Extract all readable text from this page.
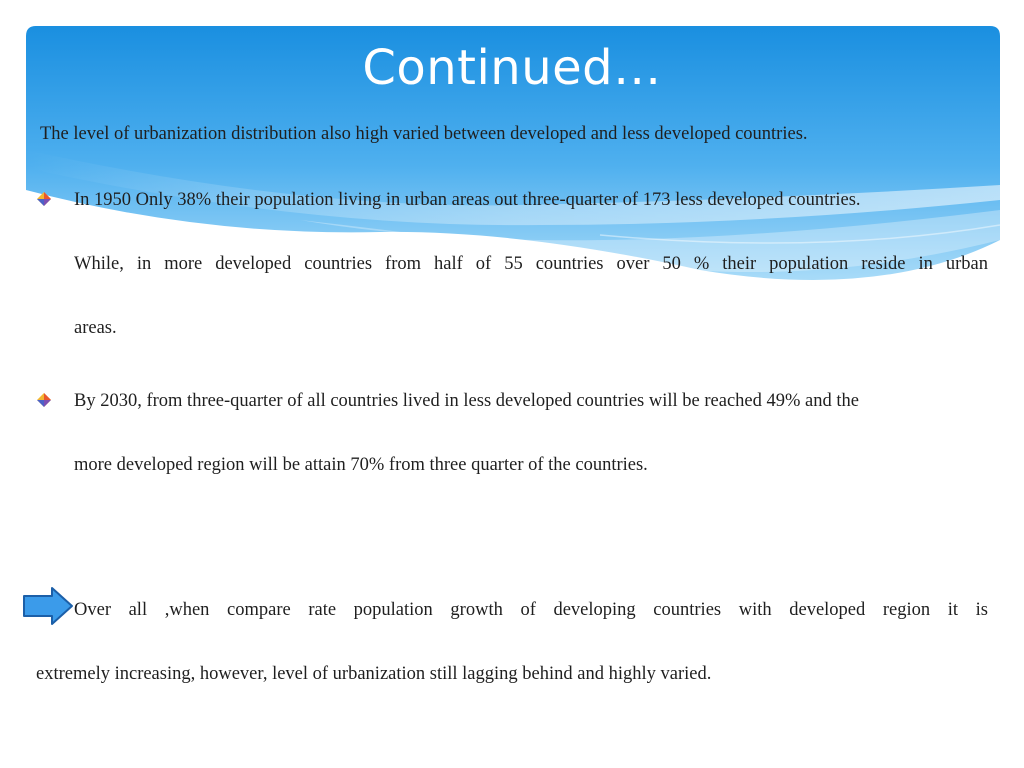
Continued…

The level of urbanization distribution also high varied between developed and less developed countries.

In 1950 Only 38% their population living in urban areas out three-quarter of 173 less developed countries.

While, in more developed countries from half of 55 countries over 50 % their population reside in urban

areas.

By 2030, from three-quarter of all countries lived in less developed countries will be reached 49% and the

more developed region will be attain 70% from three quarter of the countries.

Over all ,when compare rate population growth of developing countries with developed region it is

extremely increasing, however, level of urbanization still lagging behind and highly varied.
